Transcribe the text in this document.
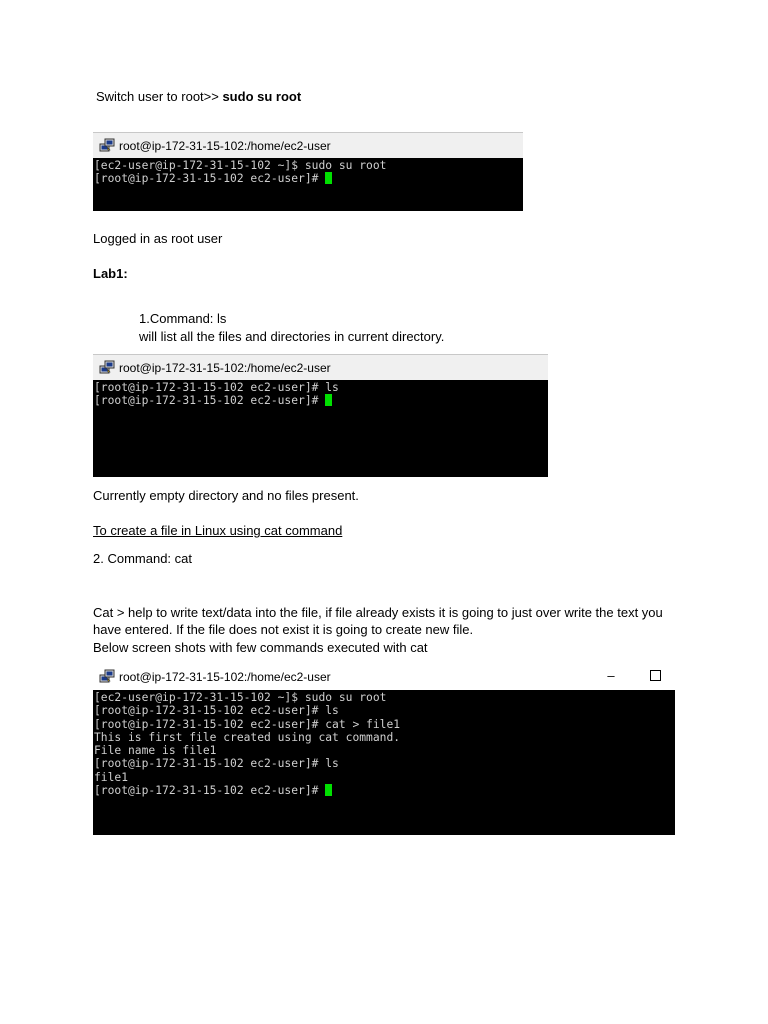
Switch user to root>> sudo su root
root@ip-172-31-15-102:/home/ec2-user
[ec2-user@ip-172-31-15-102 ~]$ sudo su root
[root@ip-172-31-15-102 ec2-user]#
Logged in as root user
Lab1:
1.Command: ls
will list all the files and directories in current directory.
root@ip-172-31-15-102:/home/ec2-user
[root@ip-172-31-15-102 ec2-user]# ls
[root@ip-172-31-15-102 ec2-user]#
Currently empty directory and no files present.
To create a file in Linux using cat command
2. Command: cat
Cat > help to write text/data into the file, if file already exists it is going to just over write the text you have entered. If the file does not exist it is going to create new file.
Below screen shots with few commands executed with cat
root@ip-172-31-15-102:/home/ec2-user	–
[ec2-user@ip-172-31-15-102 ~]$ sudo su root
[root@ip-172-31-15-102 ec2-user]# ls
[root@ip-172-31-15-102 ec2-user]# cat > file1
This is first file created using cat command.
File name is file1
[root@ip-172-31-15-102 ec2-user]# ls
file1
[root@ip-172-31-15-102 ec2-user]#
